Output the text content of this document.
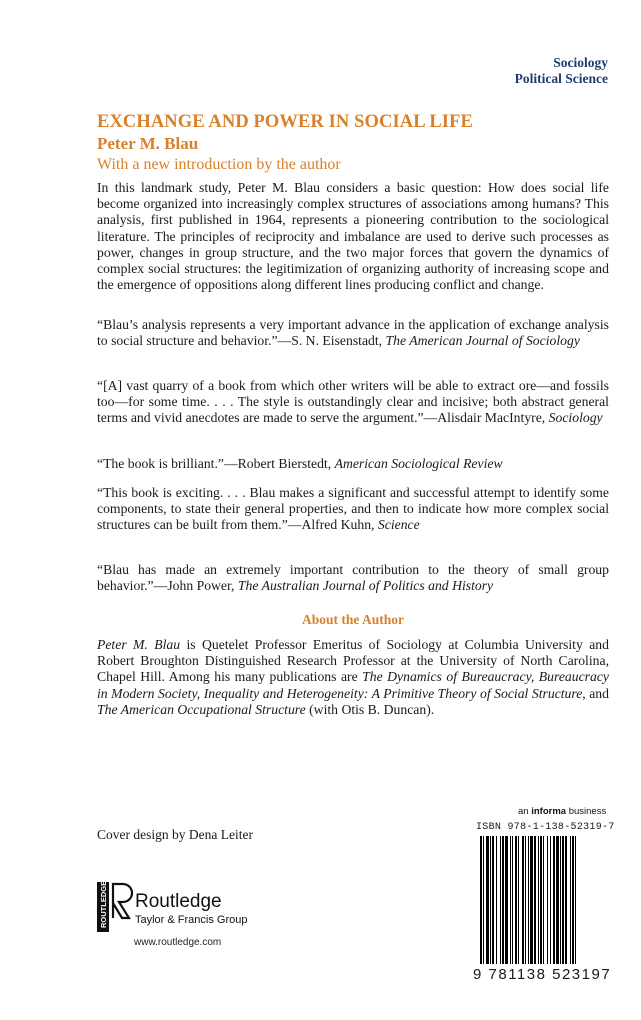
Sociology
Political Science
EXCHANGE AND POWER IN SOCIAL LIFE
Peter M. Blau
With a new introduction by the author

In this landmark study, Peter M. Blau considers a basic question: How does social life become organized into increasingly complex structures of associations among humans? This analysis, first published in 1964, represents a pioneering contribution to the sociological literature. The principles of reciprocity and imbalance are used to derive such processes as power, changes in group structure, and the two major forces that govern the dynamics of complex social structures: the legitimization of organizing authority of increasing scope and the emergence of oppositions along different lines producing conflict and change.

“Blau’s analysis represents a very important advance in the application of exchange analysis to social structure and behavior.”—S. N. Eisenstadt, The American Journal of Sociology

“[A] vast quarry of a book from which other writers will be able to extract ore—and fossils too—for some time. . . . The style is outstandingly clear and incisive; both abstract general terms and vivid anecdotes are made to serve the argument.”—Alisdair MacIntyre, Sociology

“The book is brilliant.”—Robert Bierstedt, American Sociological Review

“This book is exciting. . . . Blau makes a significant and successful attempt to identify some components, to state their general properties, and then to indicate how more complex social structures can be built from them.”—Alfred Kuhn, Science

“Blau has made an extremely important contribution to the theory of small group behavior.”—John Power, The Australian Journal of Politics and History

About the Author

Peter M. Blau is Quetelet Professor Emeritus of Sociology at Columbia University and Robert Broughton Distinguished Research Professor at the University of North Carolina, Chapel Hill. Among his many publications are The Dynamics of Bureaucracy, Bureaucracy in Modern Society, Inequality and Heterogeneity: A Primitive Theory of Social Structure, and The American Occupational Structure (with Otis B. Duncan).

Cover design by Dena Leiter
ROUTLEDGE Routledge
Taylor & Francis Group
www.routledge.com
an informa business
ISBN 978-1-138-52319-7
9 781138 523197
